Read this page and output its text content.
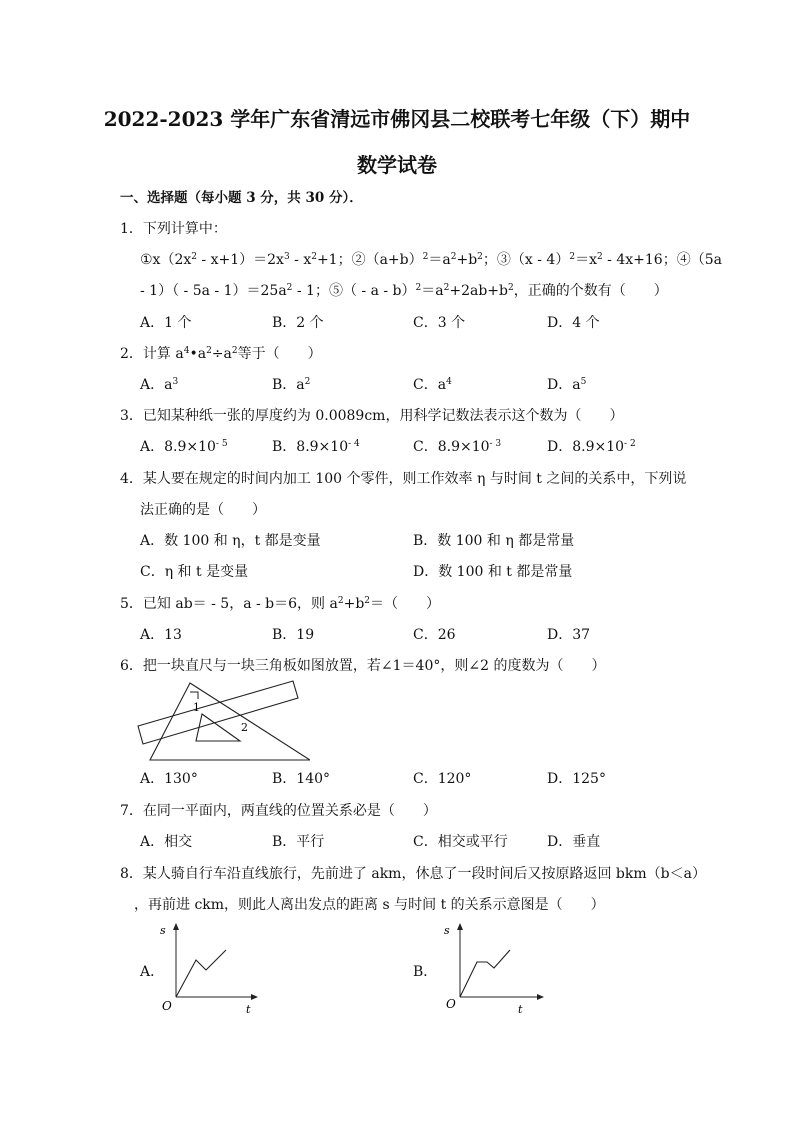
2022-2023 学年广东省清远市佛冈县二校联考七年级（下）期中
数学试卷
一、选择题（每小题 3 分，共 30 分）．
1．下列计算中：
$①x(2x^2 - x+1)=2x^3 - x^2+1$；$②(a+b)^2=a^2+b^2$；③（x - $4)^2=x^2 - 4x+16$；④（5a
- $1)( - 5a - 1)=25a^2 - 1$；⑤（ - $a - b)^2=a^2+2ab+b^2$，正确的个数有（　　）
A．1 个	B．2 个	C．3 个	D．4 个
2．计算 $a^4•a^2\div a^2$等于（　　）
A．$a^3$	B．$a^2$	C．$a^4$	D．$a^5$
3．已知某种纸一张的厚度约为 0.0089cm，用科学记数法表示这个数为（　　）
A．$8.9\times 10^{- 5}$	B．$8.9\times 10^{- 4}$	C．$8.9\times 10^{- 3}$	D．$8.9\times 10^{- 2}$
4．某人要在规定的时间内加工 100 个零件，则工作效率 η 与时间 t 之间的关系中，下列说
法正确的是（　　）
A．数 100 和 η，t 都是变量	B．数 100 和 η 都是常量
C．η 和 t 是变量	D．数 100 和 t 都是常量
5．已知 ab＝ - 5，a - b＝6，则 $a^2+b^2=$（　　）
A．13	B．19	C．26	D．37
6．把一块直尺与一块三角板如图放置，若∠1＝40°，则∠2 的度数为（　　）
1
2
A．130°	B．140°	C．120°	D．125°
7．在同一平面内，两直线的位置关系必是（　　）
A．相交	B．平行	C．相交或平行	D．垂直
8．某人骑自行车沿直线旅行，先前进了 akm，休息了一段时间后又按原路返回 bkm（b＜a）
，再前进 ckm，则此人离出发点的距离 s 与时间 t 的关系示意图是（　　）
A．
s
t
O
B．
s
t
O
